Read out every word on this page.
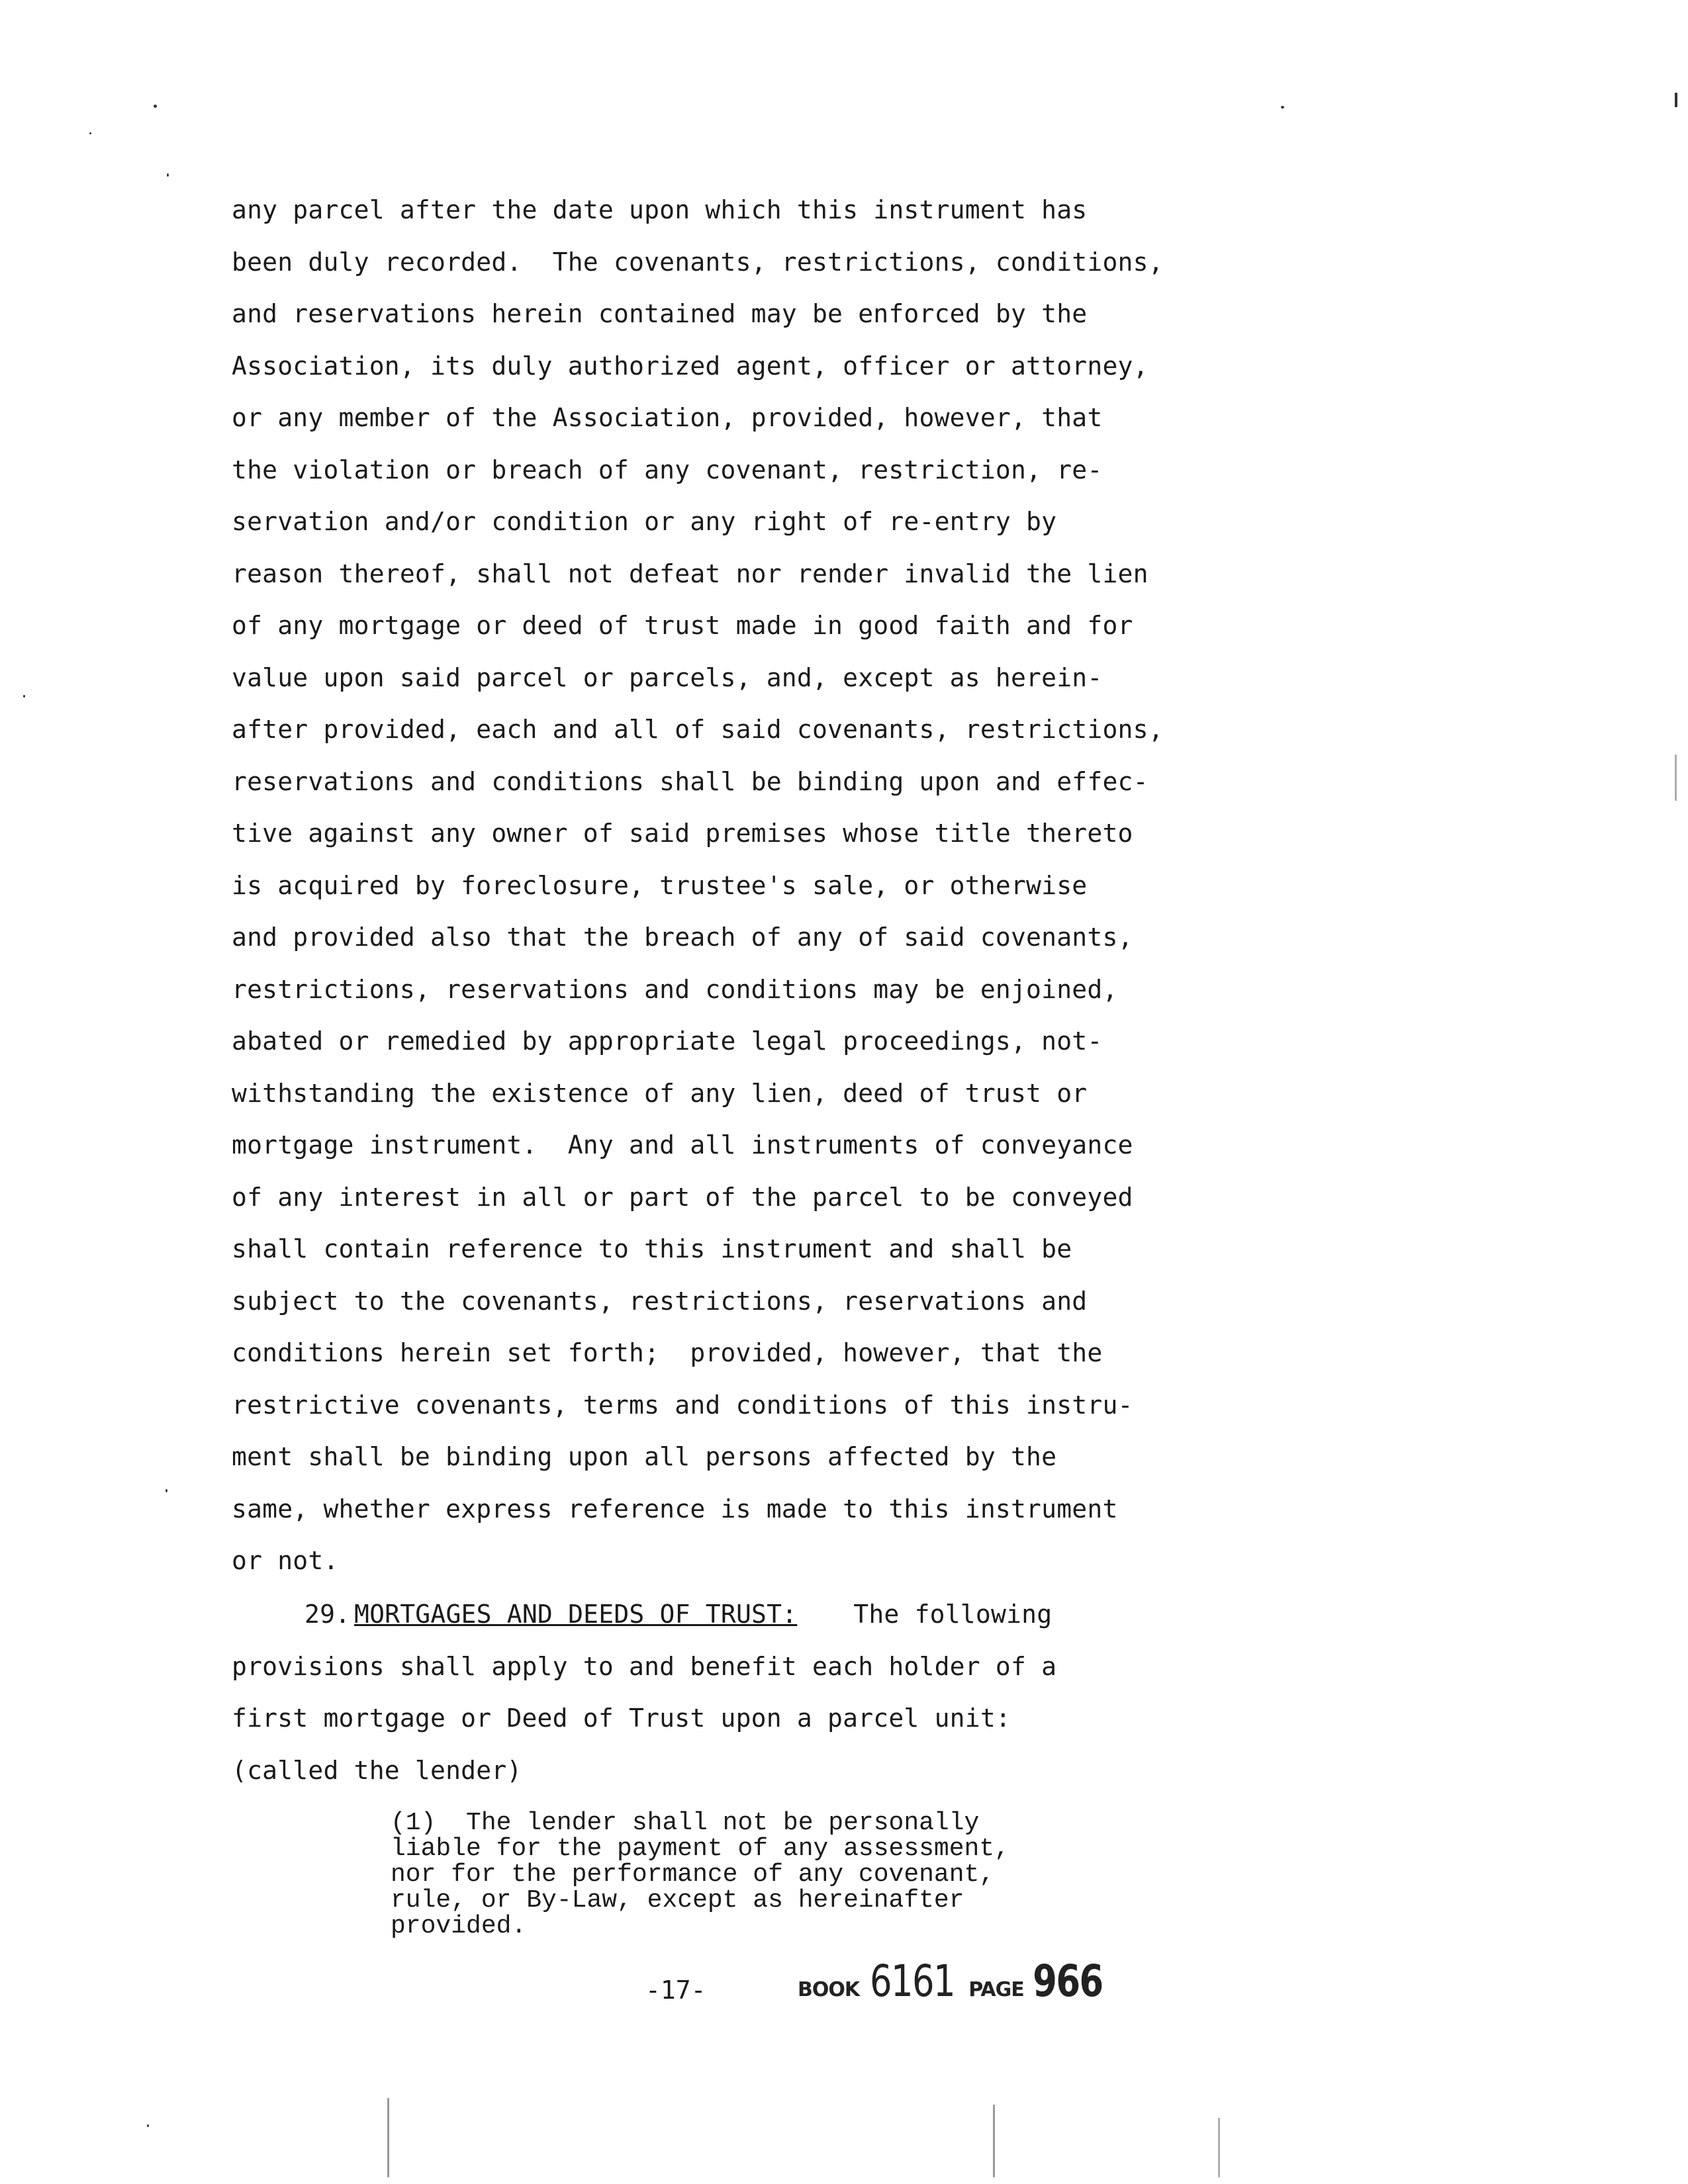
any parcel after the date upon which this instrument has
been duly recorded.  The covenants, restrictions, conditions,
and reservations herein contained may be enforced by the
Association, its duly authorized agent, officer or attorney,
or any member of the Association, provided, however, that
the violation or breach of any covenant, restriction, re-
servation and/or condition or any right of re-entry by
reason thereof, shall not defeat nor render invalid the lien
of any mortgage or deed of trust made in good faith and for
value upon said parcel or parcels, and, except as herein-
after provided, each and all of said covenants, restrictions,
reservations and conditions shall be binding upon and effec-
tive against any owner of said premises whose title thereto
is acquired by foreclosure, trustee's sale, or otherwise
and provided also that the breach of any of said covenants,
restrictions, reservations and conditions may be enjoined,
abated or remedied by appropriate legal proceedings, not-
withstanding the existence of any lien, deed of trust or
mortgage instrument.  Any and all instruments of conveyance
of any interest in all or part of the parcel to be conveyed
shall contain reference to this instrument and shall be
subject to the covenants, restrictions, reservations and
conditions herein set forth;  provided, however, that the
restrictive covenants, terms and conditions of this instru-
ment shall be binding upon all persons affected by the
same, whether express reference is made to this instrument
or not.
29. MORTGAGES AND DEEDS OF TRUST: The following
provisions shall apply to and benefit each holder of a
first mortgage or Deed of Trust upon a parcel unit:
(called the lender)
(1)  The lender shall not be personally
liable for the payment of any assessment,
nor for the performance of any covenant,
rule, or By-Law, except as hereinafter
provided.
-17-	BOOK 6161 PAGE 966
